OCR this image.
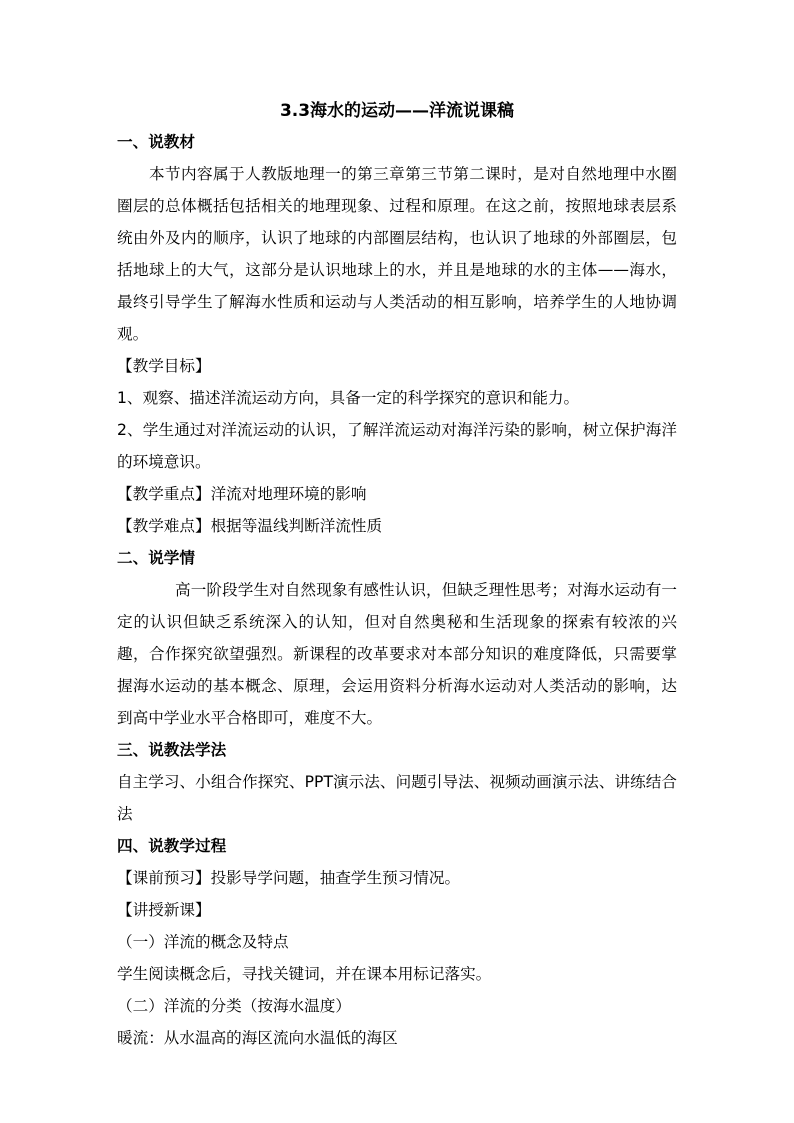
3.3海水的运动——洋流说课稿

一、说教材

本节内容属于人教版地理一的第三章第三节第二课时，是对自然地理中水圈圈层的总体概括包括相关的地理现象、过程和原理。在这之前，按照地球表层系统由外及内的顺序，认识了地球的内部圈层结构，也认识了地球的外部圈层，包括地球上的大气，这部分是认识地球上的水，并且是地球的水的主体——海水，最终引导学生了解海水性质和运动与人类活动的相互影响，培养学生的人地协调观。

【教学目标】

1、观察、描述洋流运动方向，具备一定的科学探究的意识和能力。

2、学生通过对洋流运动的认识，了解洋流运动对海洋污染的影响，树立保护海洋的环境意识。

【教学重点】洋流对地理环境的影响

【教学难点】根据等温线判断洋流性质

二、说学情

高一阶段学生对自然现象有感性认识，但缺乏理性思考；对海水运动有一定的认识但缺乏系统深入的认知，但对自然奥秘和生活现象的探索有较浓的兴趣，合作探究欲望强烈。新课程的改革要求对本部分知识的难度降低，只需要掌握海水运动的基本概念、原理，会运用资料分析海水运动对人类活动的影响，达到高中学业水平合格即可，难度不大。

三、说教法学法

自主学习、小组合作探究、PPT演示法、问题引导法、视频动画演示法、讲练结合法

四、说教学过程

【课前预习】投影导学问题，抽查学生预习情况。

【讲授新课】

（一）洋流的概念及特点

学生阅读概念后，寻找关键词，并在课本用标记落实。

（二）洋流的分类（按海水温度）

暖流：从水温高的海区流向水温低的海区
